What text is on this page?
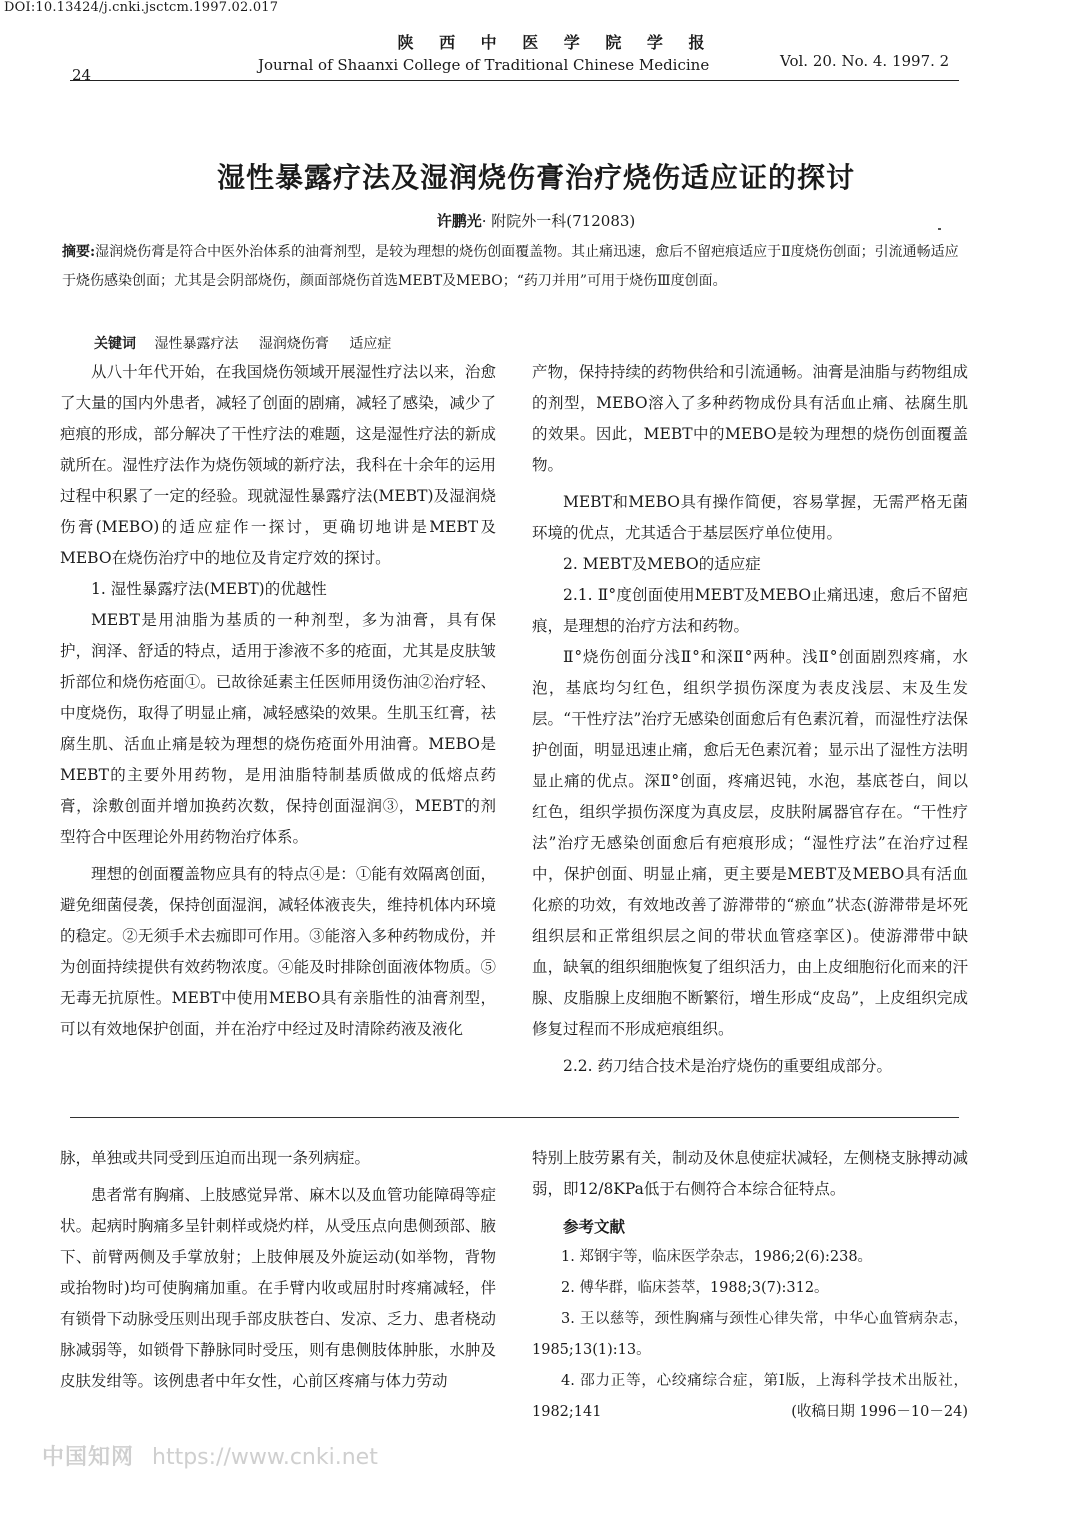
DOI:10.13424/j.cnki.jsctcm.1997.02.017
陕 西 中 医 学 院 学 报
24
Journal of Shaanxi College of Traditional Chinese Medicine	Vol. 20. No. 4. 1997. 2
湿性暴露疗法及湿润烧伤膏治疗烧伤适应证的探讨
许鹏光· 附院外一科(712083)
摘要:湿润烧伤膏是符合中医外治体系的油膏剂型，是较为理想的烧伤创面覆盖物。其止痛迅速，愈后不留疤痕适应于Ⅱ度烧伤创面；引流通畅适应于烧伤感染创面；尤其是会阴部烧伤，颜面部烧伤首选MEBT及MEBO；“药刀并用”可用于烧伤Ⅲ度创面。
关键词 湿性暴露疗法 湿润烧伤膏 适应症

从八十年代开始，在我国烧伤领域开展湿性疗法以来，治愈了大量的国内外患者，减轻了创面的剧痛，减轻了感染，减少了疤痕的形成，部分解决了干性疗法的难题，这是湿性疗法的新成就所在。湿性疗法作为烧伤领域的新疗法，我科在十余年的运用过程中积累了一定的经验。现就湿性暴露疗法(MEBT)及湿润烧伤膏(MEBO)的适应症作一探讨，更确切地讲是MEBT及MEBO在烧伤治疗中的地位及肯定疗效的探讨。

1. 湿性暴露疗法(MEBT)的优越性

MEBT是用油脂为基质的一种剂型，多为油膏，具有保护，润泽、舒适的特点，适用于渗液不多的疮面，尤其是皮肤皱折部位和烧伤疮面①。已故徐延素主任医师用烫伤油②治疗轻、中度烧伤，取得了明显止痛，减轻感染的效果。生肌玉红膏，祛腐生肌、活血止痛是较为理想的烧伤疮面外用油膏。MEBO是MEBT的主要外用药物，是用油脂特制基质做成的低熔点药膏，涂敷创面并增加换药次数，保持创面湿润③，MEBT的剂型符合中医理论外用药物治疗体系。

理想的创面覆盖物应具有的特点④是：①能有效隔离创面，避免细菌侵袭，保持创面湿润，减轻体液丧失，维持机体内环境的稳定。②无须手术去痂即可作用。③能溶入多种药物成份，并为创面持续提供有效药物浓度。④能及时排除创面液体物质。⑤无毒无抗原性。MEBT中使用MEBO具有亲脂性的油膏剂型，可以有效地保护创面，并在治疗中经过及时清除药液及液化

产物，保持持续的药物供给和引流通畅。油膏是油脂与药物组成的剂型，MEBO溶入了多种药物成份具有活血止痛、祛腐生肌的效果。因此，MEBT中的MEBO是较为理想的烧伤创面覆盖物。

MEBT和MEBO具有操作简便，容易掌握，无需严格无菌环境的优点，尤其适合于基层医疗单位使用。

2. MEBT及MEBO的适应症

2.1. Ⅱ°度创面使用MEBT及MEBO止痛迅速，愈后不留疤痕，是理想的治疗方法和药物。

Ⅱ°烧伤创面分浅Ⅱ°和深Ⅱ°两种。浅Ⅱ°创面剧烈疼痛，水泡，基底均匀红色，组织学损伤深度为表皮浅层、末及生发层。“干性疗法”治疗无感染创面愈后有色素沉着，而湿性疗法保护创面，明显迅速止痛，愈后无色素沉着；显示出了湿性方法明显止痛的优点。深Ⅱ°创面，疼痛迟钝，水泡，基底苍白，间以红色，组织学损伤深度为真皮层，皮肤附属器官存在。“干性疗法”治疗无感染创面愈后有疤痕形成；“湿性疗法”在治疗过程中，保护创面、明显止痛，更主要是MEBT及MEBO具有活血化瘀的功效，有效地改善了游滞带的“瘀血”状态(游滞带是坏死组织层和正常组织层之间的带状血管痉挛区)。使游滞带中缺血，缺氧的组织细胞恢复了组织活力，由上皮细胞衍化而来的汗腺、皮脂腺上皮细胞不断繁衍，增生形成“皮岛”，上皮组织完成修复过程而不形成疤痕组织。

2.2. 药刀结合技术是治疗烧伤的重要组成部分。

脉，单独或共同受到压迫而出现一条列病症。

患者常有胸痛、上肢感觉异常、麻木以及血管功能障碍等症状。起病时胸痛多呈针刺样或烧灼样，从受压点向患侧颈部、腋下、前臂两侧及手掌放射；上肢伸展及外旋运动(如举物，背物或抬物时)均可使胸痛加重。在手臂内收或屈肘时疼痛减轻，伴有锁骨下动脉受压则出现手部皮肤苍白、发凉、乏力、患者桡动脉减弱等，如锁骨下静脉同时受压，则有患侧肢体肿胀，水肿及皮肤发绀等。该例患者中年女性，心前区疼痛与体力劳动

特别上肢劳累有关，制动及休息使症状减轻，左侧桡支脉搏动减弱，即12/8KPa低于右侧符合本综合征特点。

参考文献

1. 郑钢宇等，临床医学杂志，1986;2(6):238。

2. 傅华群，临床荟萃，1988;3(7):312。

3. 王以慈等，颈性胸痛与颈性心律失常，中华心血管病杂志，1985;13(1):13。

4. 邵力正等，心绞痛综合症，第Ⅰ版，上海科学技术出版社，1982;141	(收稿日期 1996－10－24)

中国知网 https://www.cnki.net
